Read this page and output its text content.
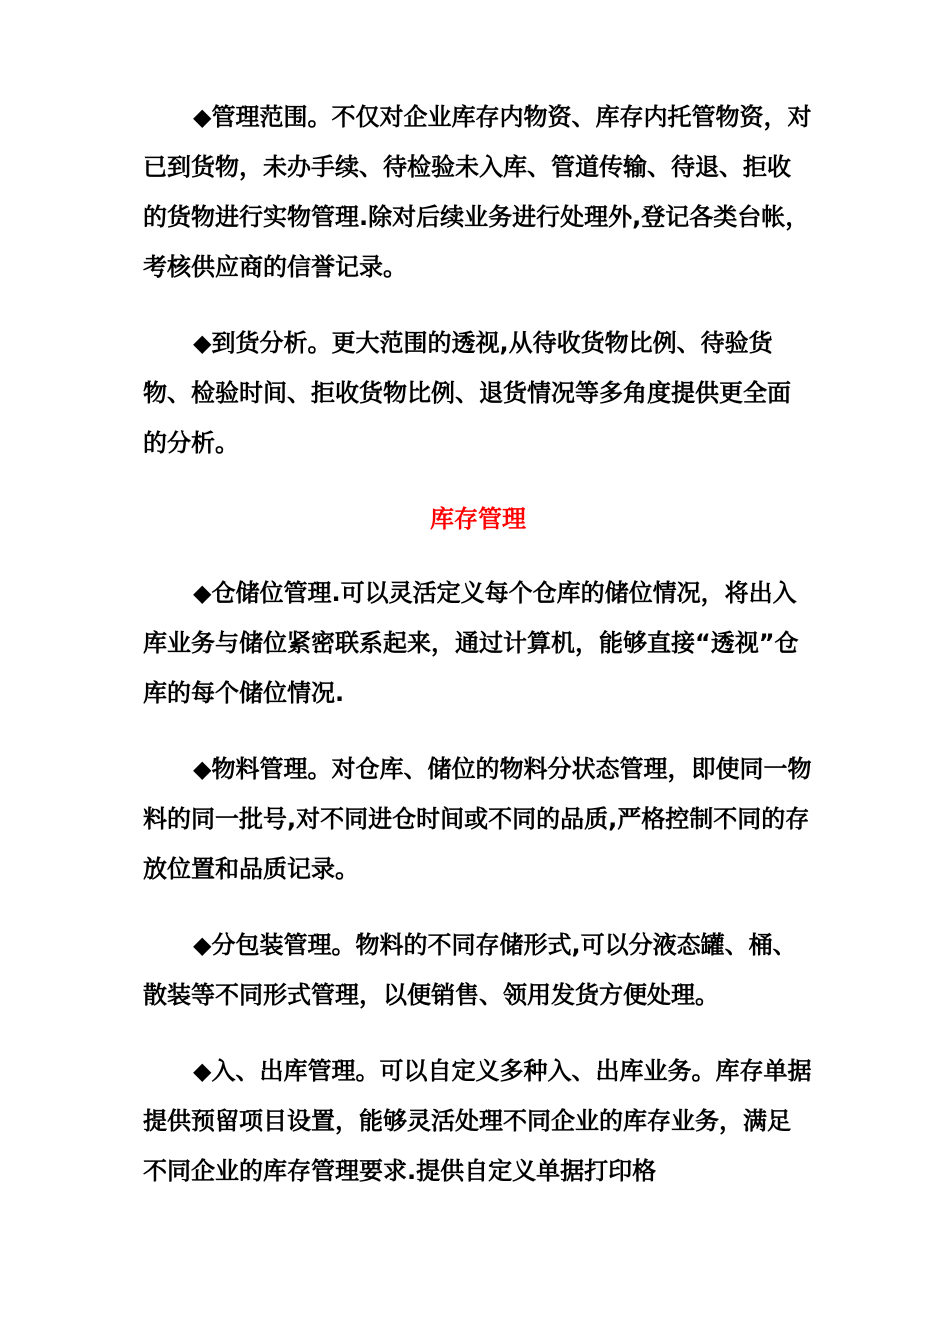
◆管理范围。不仅对企业库存内物资、库存内托管物资，对已到货物，未办手续、待检验未入库、管道传输、待退、拒收的货物进行实物管理.除对后续业务进行处理外,登记各类台帐，考核供应商的信誉记录。

◆到货分析。更大范围的透视,从待收货物比例、待验货物、检验时间、拒收货物比例、退货情况等多角度提供更全面的分析。

库存管理

◆仓储位管理.可以灵活定义每个仓库的储位情况，将出入库业务与储位紧密联系起来，通过计算机，能够直接“透视”仓库的每个储位情况.

◆物料管理。对仓库、储位的物料分状态管理，即使同一物料的同一批号,对不同进仓时间或不同的品质,严格控制不同的存放位置和品质记录。

◆分包装管理。物料的不同存储形式,可以分液态罐、桶、散装等不同形式管理，以便销售、领用发货方便处理。

◆入、出库管理。可以自定义多种入、出库业务。库存单据提供预留项目设置，能够灵活处理不同企业的库存业务，满足不同企业的库存管理要求.提供自定义单据打印格
